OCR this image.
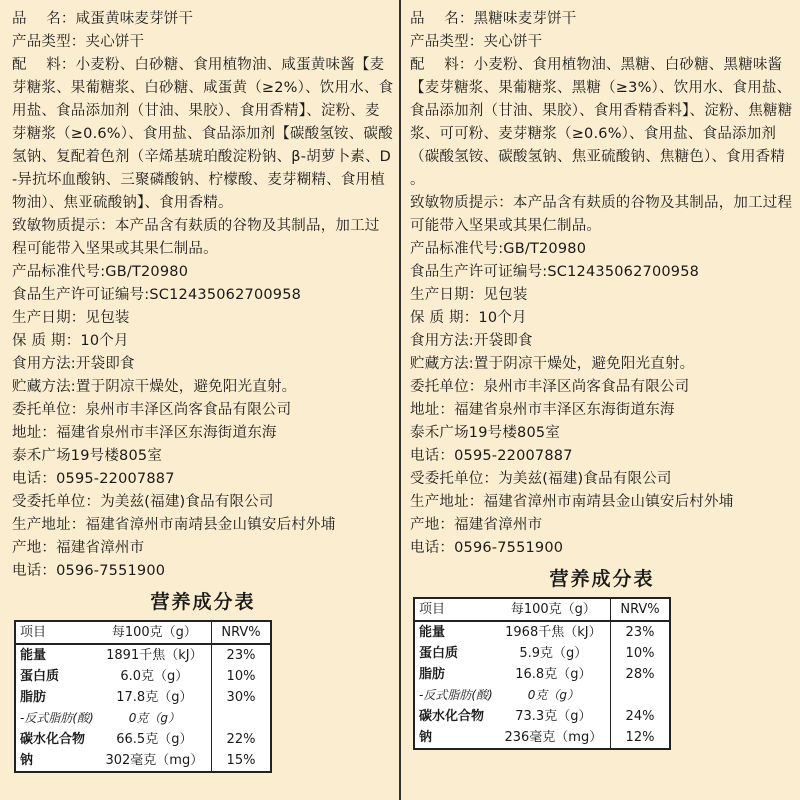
品　 名：咸蛋黄味麦芽饼干
产品类型：夹心饼干
配　 料：小麦粉、白砂糖、食用植物油、咸蛋黄味酱【麦芽糖浆、果葡糖浆、白砂糖、咸蛋黄（≥2%）、饮用水、食用盐、食品添加剂（甘油、果胶）、食用香精】、淀粉、麦芽糖浆（≥0.6%）、食用盐、食品添加剂【碳酸氢铵、碳酸氢钠、复配着色剂（辛烯基琥珀酸淀粉钠、β-胡萝卜素、D-异抗坏血酸钠、三聚磷酸钠、柠檬酸、麦芽糊精、食用植物油）、焦亚硫酸钠】、食用香精。
致敏物质提示：本产品含有麸质的谷物及其制品，加工过程可能带入坚果或其果仁制品。
产品标准代号:GB/T20980
食品生产许可证编号:SC12435062700958
生产日期：见包装
保 质 期：10个月
食用方法:开袋即食
贮藏方法:置于阴凉干燥处，避免阳光直射。
委托单位：泉州市丰泽区尚客食品有限公司
地址：福建省泉州市丰泽区东海街道东海
泰禾广场19号楼805室
电话：0595-22007887
受委托单位：为美兹(福建)食品有限公司
生产地址：福建省漳州市南靖县金山镇安后村外埔
产地：福建省漳州市
电话：0596-7551900
营养成分表
项目	每100克（g）	NRV%
能量	1891千焦（kJ）	23%
蛋白质	6.0克（g）	10%
脂肪	17.8克（g）	30%
-反式脂肪(酸)	0克（g）	
碳水化合物	66.5克（g）	22%
钠	302毫克（mg）	15%
品　 名：黑糖味麦芽饼干
产品类型：夹心饼干
配　 料：小麦粉、食用植物油、黑糖、白砂糖、黑糖味酱【麦芽糖浆、果葡糖浆、黑糖（≥3%）、饮用水、食用盐、食品添加剂（甘油、果胶）、食用香精香料】、淀粉、焦糖糖浆、可可粉、麦芽糖浆（≥0.6%）、食用盐、食品添加剂（碳酸氢铵、碳酸氢钠、焦亚硫酸钠、焦糖色）、食用香精 。
致敏物质提示：本产品含有麸质的谷物及其制品，加工过程可能带入坚果或其果仁制品。
产品标准代号:GB/T20980
食品生产许可证编号:SC12435062700958
生产日期：见包装
保 质 期：10个月
食用方法:开袋即食
贮藏方法:置于阴凉干燥处，避免阳光直射。
委托单位：泉州市丰泽区尚客食品有限公司
地址：福建省泉州市丰泽区东海街道东海
泰禾广场19号楼805室
电话：0595-22007887
受委托单位：为美兹(福建)食品有限公司
生产地址：福建省漳州市南靖县金山镇安后村外埔
产地：福建省漳州市
电话：0596-7551900
营养成分表
项目	每100克（g）	NRV%
能量	1968千焦（kJ）	23%
蛋白质	5.9克（g）	10%
脂肪	16.8克（g）	28%
-反式脂肪(酸)	0克（g）	
碳水化合物	73.3克（g）	24%
钠	236毫克（mg）	12%
